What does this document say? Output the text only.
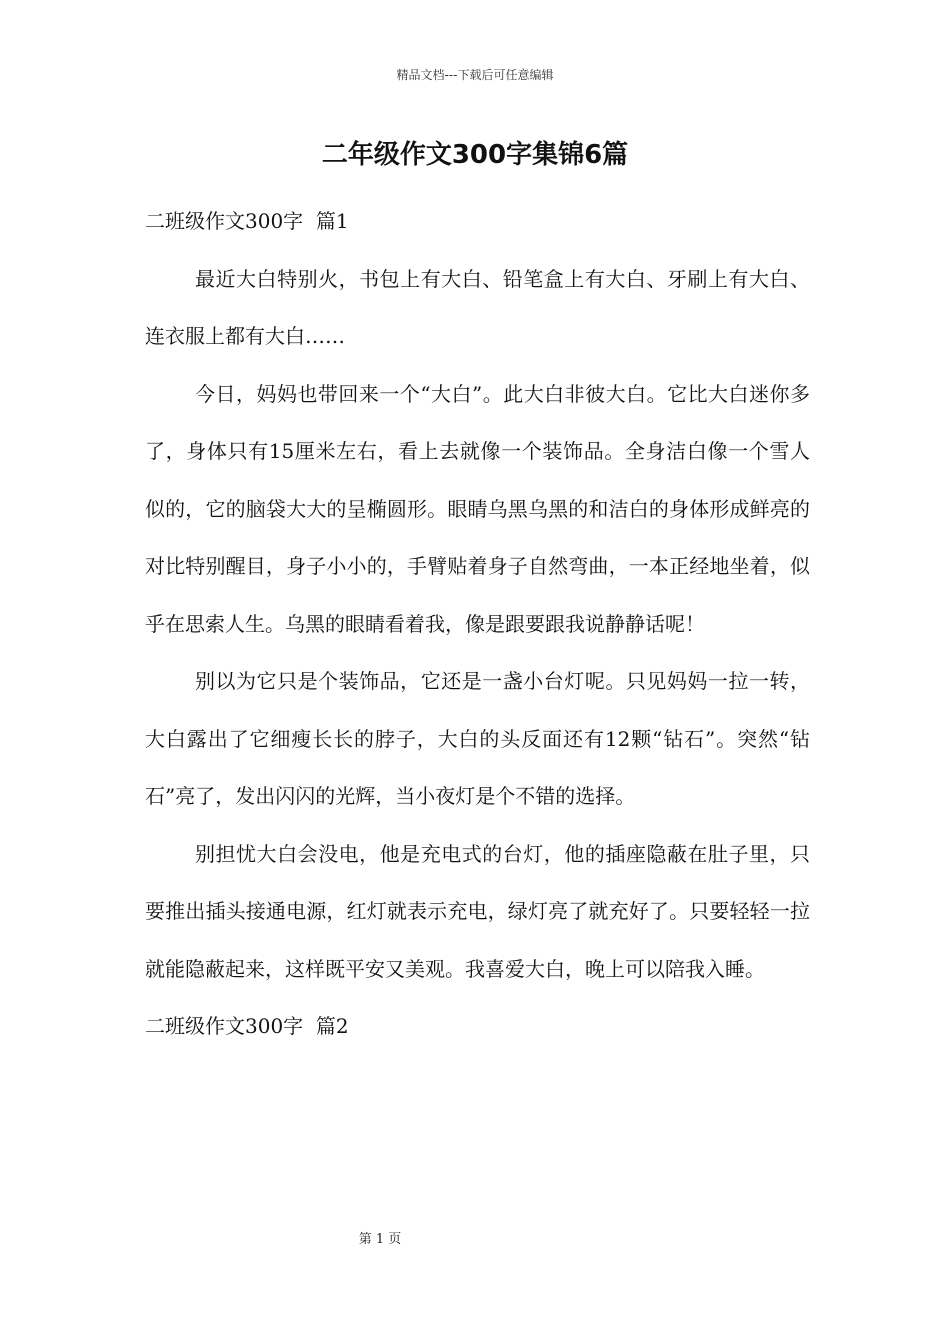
精品文档---下载后可任意编辑
二年级作文300字集锦6篇

二班级作文300字  篇1

最近大白特别火，书包上有大白、铅笔盒上有大白、牙刷上有大白、连衣服上都有大白……

今日，妈妈也带回来一个“大白”。此大白非彼大白。它比大白迷你多了，身体只有15厘米左右，看上去就像一个装饰品。全身洁白像一个雪人似的，它的脑袋大大的呈椭圆形。眼睛乌黑乌黑的和洁白的身体形成鲜亮的对比特别醒目，身子小小的，手臂贴着身子自然弯曲，一本正经地坐着，似乎在思索人生。乌黑的眼睛看着我，像是跟要跟我说静静话呢！

别以为它只是个装饰品，它还是一盏小台灯呢。只见妈妈一拉一转，大白露出了它细瘦长长的脖子，大白的头反面还有12颗“钻石”。突然“钻石”亮了，发出闪闪的光辉，当小夜灯是个不错的选择。

别担忧大白会没电，他是充电式的台灯，他的插座隐蔽在肚子里，只要推出插头接通电源，红灯就表示充电，绿灯亮了就充好了。只要轻轻一拉就能隐蔽起来，这样既平安又美观。我喜爱大白，晚上可以陪我入睡。

二班级作文300字  篇2

第 1 页
